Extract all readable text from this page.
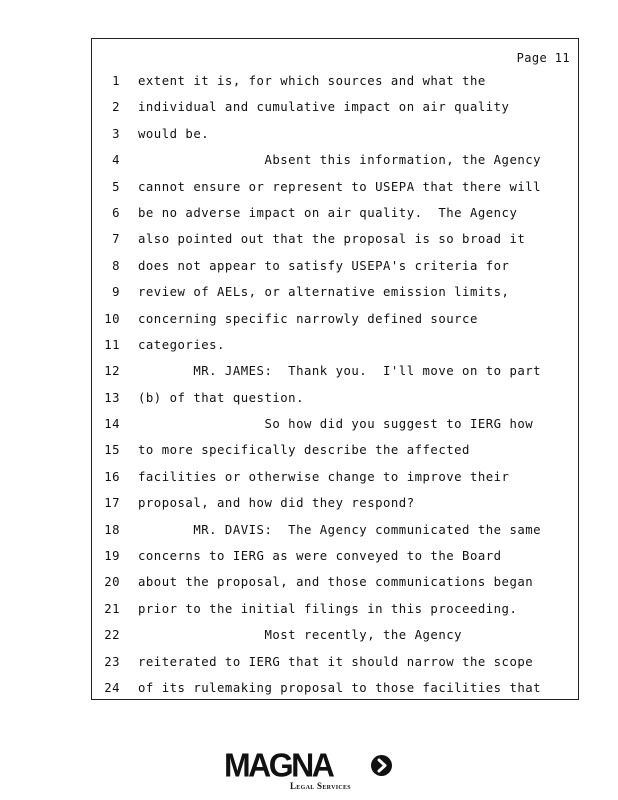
Page 11
1 extent it is, for which sources and what the
2 individual and cumulative impact on air quality
3 would be.
4 Absent this information, the Agency
5 cannot ensure or represent to USEPA that there will
6 be no adverse impact on air quality.  The Agency
7 also pointed out that the proposal is so broad it
8 does not appear to satisfy USEPA's criteria for
9 review of AELs, or alternative emission limits,
10 concerning specific narrowly defined source
11 categories.
12 MR. JAMES:  Thank you.  I'll move on to part
13 (b) of that question.
14 So how did you suggest to IERG how
15 to more specifically describe the affected
16 facilities or otherwise change to improve their
17 proposal, and how did they respond?
18 MR. DAVIS:  The Agency communicated the same
19 concerns to IERG as were conveyed to the Board
20 about the proposal, and those communications began
21 prior to the initial filings in this proceeding.
22 Most recently, the Agency
23 reiterated to IERG that it should narrow the scope
24 of its rulemaking proposal to those facilities that
MAGNA
Legal Services
